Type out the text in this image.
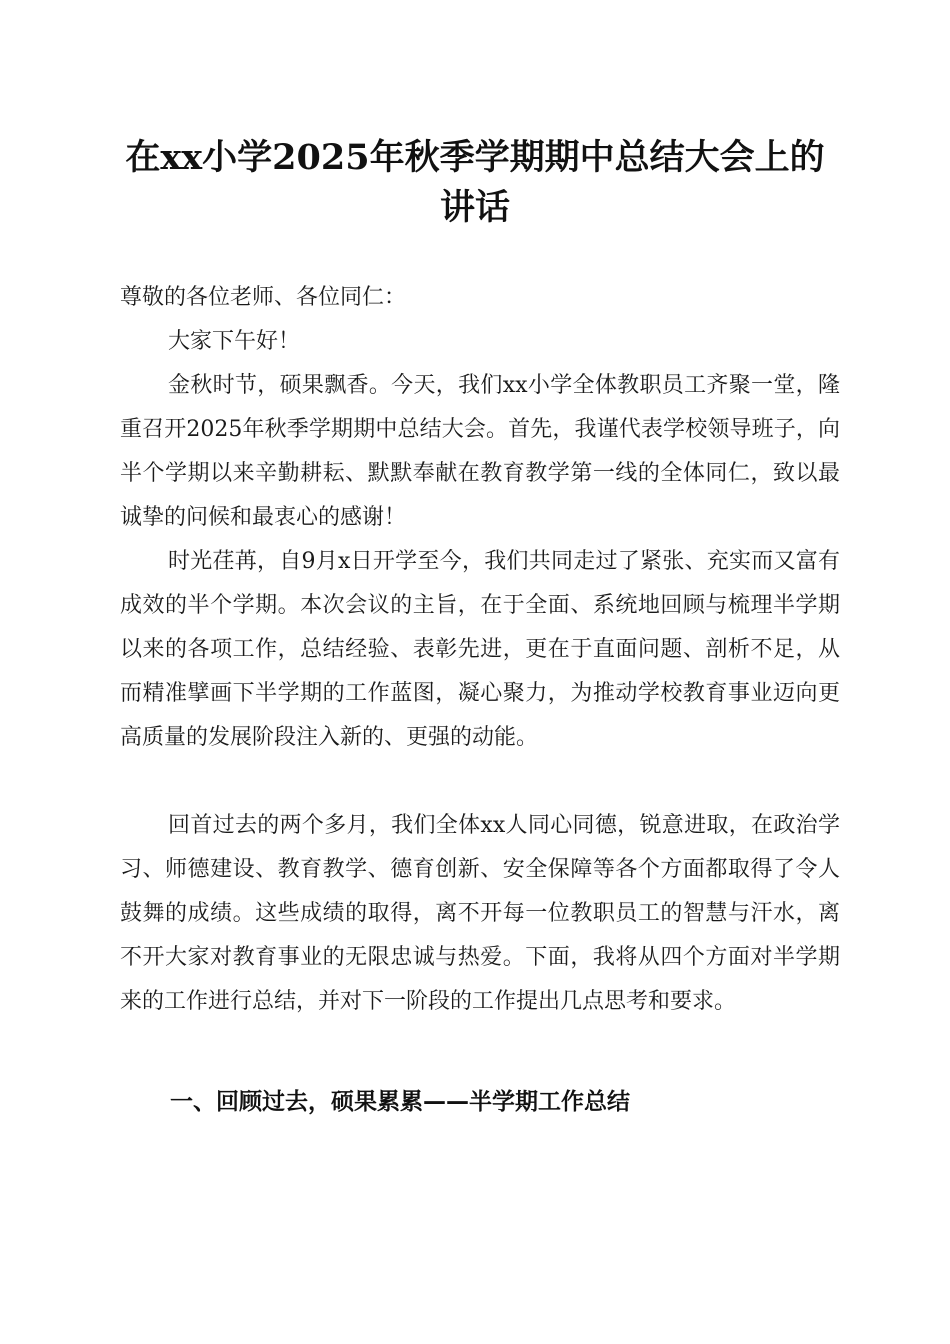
在xx小学2025年秋季学期期中总结大会上的
讲话

尊敬的各位老师、各位同仁：

大家下午好！

金秋时节，硕果飘香。今天，我们xx小学全体教职员工齐聚一堂，隆重召开2025年秋季学期期中总结大会。首先，我谨代表学校领导班子，向半个学期以来辛勤耕耘、默默奉献在教育教学第一线的全体同仁，致以最诚挚的问候和最衷心的感谢！

时光荏苒，自9月x日开学至今，我们共同走过了紧张、充实而又富有成效的半个学期。本次会议的主旨，在于全面、系统地回顾与梳理半学期以来的各项工作，总结经验、表彰先进，更在于直面问题、剖析不足，从而精准擘画下半学期的工作蓝图，凝心聚力，为推动学校教育事业迈向更高质量的发展阶段注入新的、更强的动能。

回首过去的两个多月，我们全体xx人同心同德，锐意进取，在政治学习、师德建设、教育教学、德育创新、安全保障等各个方面都取得了令人鼓舞的成绩。这些成绩的取得，离不开每一位教职员工的智慧与汗水，离不开大家对教育事业的无限忠诚与热爱。下面，我将从四个方面对半学期来的工作进行总结，并对下一阶段的工作提出几点思考和要求。

一、回顾过去，硕果累累——半学期工作总结
